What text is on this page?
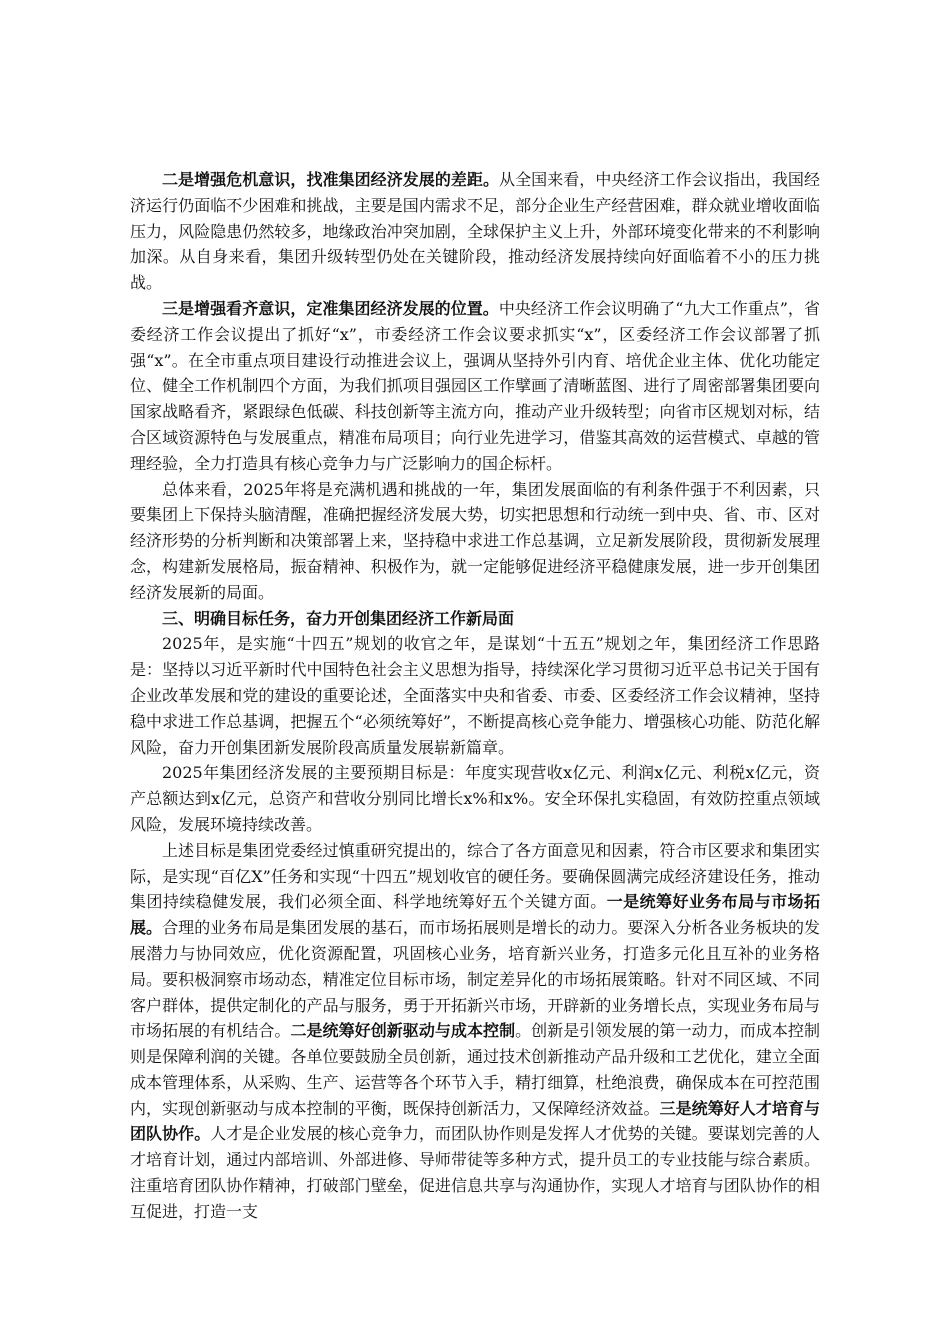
二是增强危机意识，找准集团经济发展的差距。从全国来看，中央经济工作会议指出，我国经济运行仍面临不少困难和挑战，主要是国内需求不足，部分企业生产经营困难，群众就业增收面临压力，风险隐患仍然较多，地缘政治冲突加剧，全球保护主义上升，外部环境变化带来的不利影响加深。从自身来看，集团升级转型仍处在关键阶段，推动经济发展持续向好面临着不小的压力挑战。

三是增强看齐意识，定准集团经济发展的位置。中央经济工作会议明确了“九大工作重点”，省委经济工作会议提出了抓好“x”，市委经济工作会议要求抓实“x”，区委经济工作会议部署了抓强“x”。在全市重点项目建设行动推进会议上，强调从坚持外引内育、培优企业主体、优化功能定位、健全工作机制四个方面，为我们抓项目强园区工作擘画了清晰蓝图、进行了周密部署集团要向国家战略看齐，紧跟绿色低碳、科技创新等主流方向，推动产业升级转型；向省市区规划对标，结合区域资源特色与发展重点，精准布局项目；向行业先进学习，借鉴其高效的运营模式、卓越的管理经验，全力打造具有核心竞争力与广泛影响力的国企标杆。

总体来看，2025年将是充满机遇和挑战的一年，集团发展面临的有利条件强于不利因素，只要集团上下保持头脑清醒，准确把握经济发展大势，切实把思想和行动统一到中央、省、市、区对经济形势的分析判断和决策部署上来，坚持稳中求进工作总基调，立足新发展阶段，贯彻新发展理念，构建新发展格局，振奋精神、积极作为，就一定能够促进经济平稳健康发展，进一步开创集团经济发展新的局面。

三、明确目标任务，奋力开创集团经济工作新局面

2025年，是实施“十四五”规划的收官之年，是谋划“十五五”规划之年，集团经济工作思路是：坚持以习近平新时代中国特色社会主义思想为指导，持续深化学习贯彻习近平总书记关于国有企业改革发展和党的建设的重要论述，全面落实中央和省委、市委、区委经济工作会议精神，坚持稳中求进工作总基调，把握五个“必须统筹好”，不断提高核心竞争能力、增强核心功能、防范化解风险，奋力开创集团新发展阶段高质量发展崭新篇章。

2025年集团经济发展的主要预期目标是：年度实现营收x亿元、利润x亿元、利税x亿元，资产总额达到x亿元，总资产和营收分别同比增长x%和x%。安全环保扎实稳固，有效防控重点领域风险，发展环境持续改善。

上述目标是集团党委经过慎重研究提出的，综合了各方面意见和因素，符合市区要求和集团实际，是实现“百亿X”任务和实现“十四五”规划收官的硬任务。要确保圆满完成经济建设任务，推动集团持续稳健发展，我们必须全面、科学地统筹好五个关键方面。一是统筹好业务布局与市场拓展。合理的业务布局是集团发展的基石，而市场拓展则是增长的动力。要深入分析各业务板块的发展潜力与协同效应，优化资源配置，巩固核心业务，培育新兴业务，打造多元化且互补的业务格局。要积极洞察市场动态，精准定位目标市场，制定差异化的市场拓展策略。针对不同区域、不同客户群体，提供定制化的产品与服务，勇于开拓新兴市场，开辟新的业务增长点，实现业务布局与市场拓展的有机结合。二是统筹好创新驱动与成本控制。创新是引领发展的第一动力，而成本控制则是保障利润的关键。各单位要鼓励全员创新，通过技术创新推动产品升级和工艺优化，建立全面成本管理体系，从采购、生产、运营等各个环节入手，精打细算，杜绝浪费，确保成本在可控范围内，实现创新驱动与成本控制的平衡，既保持创新活力，又保障经济效益。三是统筹好人才培育与团队协作。人才是企业发展的核心竞争力，而团队协作则是发挥人才优势的关键。要谋划完善的人才培育计划，通过内部培训、外部进修、导师带徒等多种方式，提升员工的专业技能与综合素质。注重培育团队协作精神，打破部门壁垒，促进信息共享与沟通协作，实现人才培育与团队协作的相互促进，打造一支
